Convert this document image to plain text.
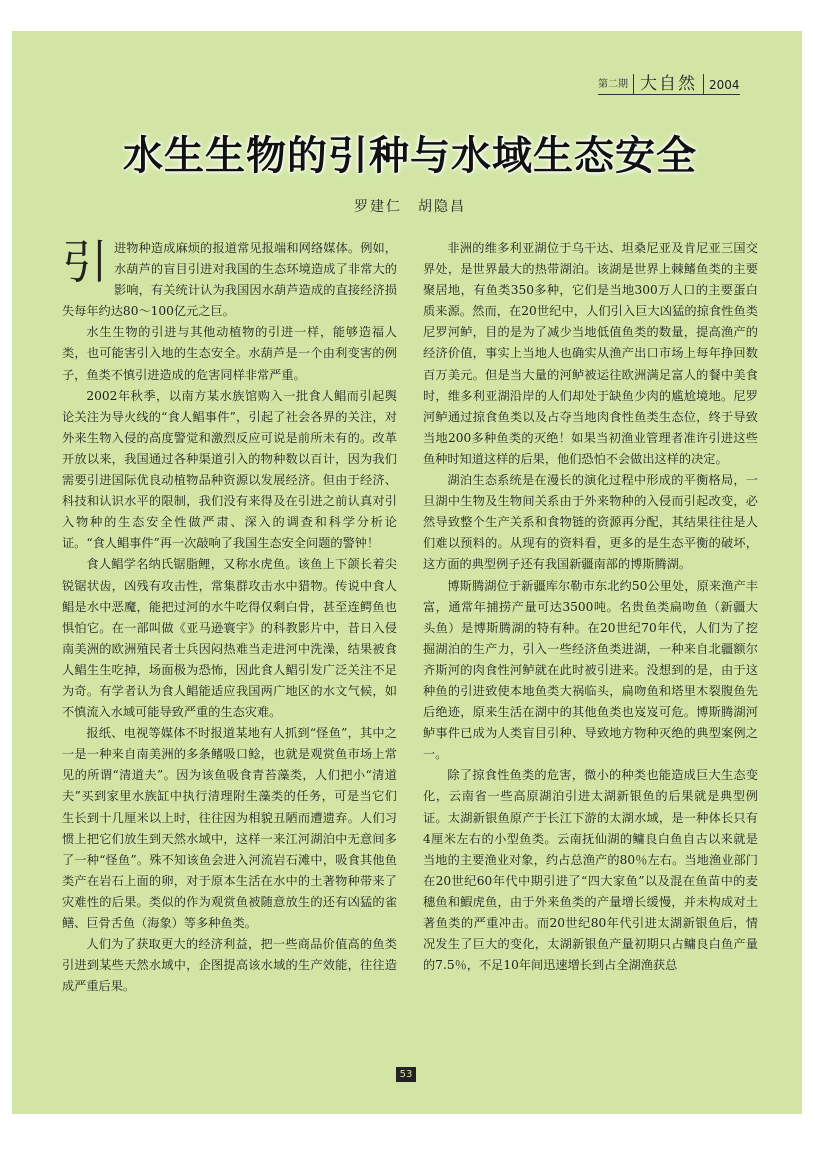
第二期 大自然	2004
水生生物的引种与水域生态安全
罗建仁　胡隐昌

引进物种造成麻烦的报道常见报端和网络媒体。例如，水葫芦的盲目引进对我国的生态环境造成了非常大的影响，有关统计认为我国因水葫芦造成的直接经济损失每年约达80～100亿元之巨。

水生生物的引进与其他动植物的引进一样，能够造福人类，也可能害引入地的生态安全。水葫芦是一个由利变害的例子，鱼类不慎引进造成的危害同样非常严重。

2002年秋季，以南方某水族馆购入一批食人鲳而引起舆论关注为导火线的“食人鲳事件”，引起了社会各界的关注，对外来生物入侵的高度警觉和激烈反应可说是前所未有的。改革开放以来，我国通过各种渠道引入的物种数以百计，因为我们需要引进国际优良动植物品种资源以发展经济。但由于经济、科技和认识水平的限制，我们没有来得及在引进之前认真对引入物种的生态安全性做严肃、深入的调查和科学分析论证。“食人鲳事件”再一次敲响了我国生态安全问题的警钟！

食人鲳学名纳氏锯脂鲤，又称水虎鱼。该鱼上下颌长着尖锐锯状齿，凶残有攻击性，常集群攻击水中猎物。传说中食人鲳是水中恶魔，能把过河的水牛吃得仅剩白骨，甚至连鳄鱼也惧怕它。在一部叫做《亚马逊寰宇》的科教影片中，昔日入侵南美洲的欧洲殖民者士兵因闷热难当走进河中洗澡，结果被食人鲳生生吃掉，场面极为恐怖，因此食人鲳引发广泛关注不足为奇。有学者认为食人鲳能适应我国两广地区的水文气候，如不慎流入水域可能导致严重的生态灾难。

报纸、电视等媒体不时报道某地有人抓到“怪鱼”，其中之一是一种来自南美洲的多条鳍吸口鲶，也就是观赏鱼市场上常见的所谓“清道夫”。因为该鱼吸食青苔藻类，人们把小“清道夫”买到家里水族缸中执行清理附生藻类的任务，可是当它们生长到十几厘米以上时，往往因为相貌丑陋而遭遗弃。人们习惯上把它们放生到天然水域中，这样一来江河湖泊中无意间多了一种“怪鱼”。殊不知该鱼会进入河流岩石滩中，吸食其他鱼类产在岩石上面的卵，对于原本生活在水中的土著物种带来了灾难性的后果。类似的作为观赏鱼被随意放生的还有凶猛的雀鳝、巨骨舌鱼（海象）等多种鱼类。

人们为了获取更大的经济利益，把一些商品价值高的鱼类引进到某些天然水域中，企图提高该水域的生产效能，往往造成严重后果。

非洲的维多利亚湖位于乌干达、坦桑尼亚及肯尼亚三国交界处，是世界最大的热带湖泊。该湖是世界上棘鳍鱼类的主要聚居地，有鱼类350多种，它们是当地300万人口的主要蛋白质来源。然而，在20世纪中，人们引入巨大凶猛的掠食性鱼类尼罗河鲈，目的是为了减少当地低值鱼类的数量，提高渔产的经济价值，事实上当地人也确实从渔产出口市场上每年挣回数百万美元。但是当大量的河鲈被运往欧洲满足富人的餐中美食时，维多利亚湖沿岸的人们却处于缺鱼少肉的尴尬境地。尼罗河鲈通过掠食鱼类以及占夺当地肉食性鱼类生态位，终于导致当地200多种鱼类的灭绝！如果当初渔业管理者准许引进这些鱼种时知道这样的后果，他们恐怕不会做出这样的决定。

湖泊生态系统是在漫长的演化过程中形成的平衡格局，一旦湖中生物及生物间关系由于外来物种的入侵而引起改变，必然导致整个生产关系和食物链的资源再分配，其结果往往是人们难以预料的。从现有的资料看，更多的是生态平衡的破坏，这方面的典型例子还有我国新疆南部的博斯腾湖。

博斯腾湖位于新疆库尔勒市东北约50公里处，原来渔产丰富，通常年捕捞产量可达3500吨。名贵鱼类扁吻鱼（新疆大头鱼）是博斯腾湖的特有种。在20世纪70年代，人们为了挖掘湖泊的生产力，引入一些经济鱼类进湖，一种来自北疆额尔齐斯河的肉食性河鲈就在此时被引进来。没想到的是，由于这种鱼的引进致使本地鱼类大祸临头，扁吻鱼和塔里木裂腹鱼先后绝迹，原来生活在湖中的其他鱼类也岌岌可危。博斯腾湖河鲈事件已成为人类盲目引种、导致地方物种灭绝的典型案例之一。

除了掠食性鱼类的危害，微小的种类也能造成巨大生态变化，云南省一些高原湖泊引进太湖新银鱼的后果就是典型例证。太湖新银鱼原产于长江下游的太湖水域，是一种体长只有4厘米左右的小型鱼类。云南抚仙湖的鳙良白鱼自古以来就是当地的主要渔业对象，约占总渔产的80％左右。当地渔业部门在20世纪60年代中期引进了“四大家鱼”以及混在鱼苗中的麦穗鱼和鰕虎鱼，由于外来鱼类的产量增长缓慢，并未构成对土著鱼类的严重冲击。而20世纪80年代引进太湖新银鱼后，情况发生了巨大的变化，太湖新银鱼产量初期只占鳙良白鱼产量的7.5％，不足10年间迅速增长到占全湖渔获总

53
